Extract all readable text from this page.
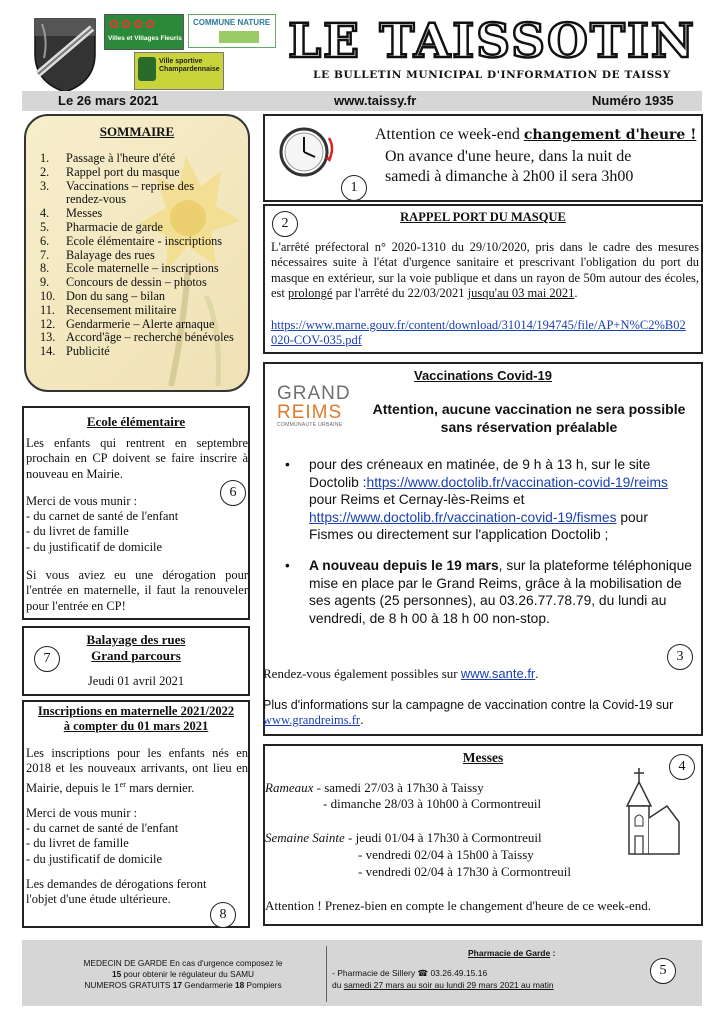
✿✿✿✿
Villes et Villages Fleuris
COMMUNE NATURE
Ville sportive Champardennaise
LE TAISSOTIN
LE BULLETIN MUNICIPAL D'INFORMATION DE TAISSY
Le 26 mars 2021	www.taissy.fr	Numéro 1935
SOMMAIRE
1. Passage à l'heure d'été
2. Rappel port du masque
3. Vaccinations – reprise des rendez-vous
4. Messes
5. Pharmacie de garde
6. Ecole élémentaire - inscriptions
7. Balayage des rues
8. Ecole maternelle – inscriptions
9. Concours de dessin – photos
10. Don du sang – bilan
11. Recensement militaire
12. Gendarmerie – Alerte arnaque
13. Accord'âge – recherche bénévoles
14. Publicité
Attention ce week-end changement d'heure !
On avance d'une heure, dans la nuit de
samedi à dimanche à 2h00 il sera 3h00
1
2	RAPPEL PORT DU MASQUE
L'arrêté préfectoral n° 2020-1310 du 29/10/2020, pris dans le cadre des mesures nécessaires suite à l'état d'urgence sanitaire et prescrivant l'obligation du port du masque en extérieur, sur la voie publique et dans un rayon de 50m autour des écoles, est prolongé par l'arrêté du 22/03/2021 jusqu'au 03 mai 2021.
https://www.marne.gouv.fr/content/download/31014/194745/file/AP+N%C2%B02020-COV-035.pdf
Vaccinations Covid-19
GRAND
REIMS
COMMUNAUTÉ URBAINE
Attention, aucune vaccination ne sera possible sans réservation préalable
• pour des créneaux en matinée, de 9 h à 13 h, sur le site Doctolib :https://www.doctolib.fr/vaccination-covid-19/reims pour Reims et Cernay-lès-Reims et https://www.doctolib.fr/vaccination-covid-19/fismes pour Fismes ou directement sur l'application Doctolib ;
• A nouveau depuis le 19 mars, sur la plateforme téléphonique mise en place par le Grand Reims, grâce à la mobilisation de ses agents (25 personnes), au 03.26.77.78.79, du lundi au vendredi, de 8 h 00 à 18 h 00 non-stop.
3
Rendez-vous également possibles sur www.sante.fr.
Plus d'informations sur la campagne de vaccination contre la Covid-19 sur www.grandreims.fr.
Messes
4
Rameaux - samedi 27/03 à 17h30 à Taissy
- dimanche 28/03 à 10h00 à Cormontreuil
Semaine Sainte - jeudi 01/04 à 17h30 à Cormontreuil
- vendredi 02/04 à 15h00 à Taissy
- vendredi 02/04 à 17h30 à Cormontreuil
Attention ! Prenez-bien en compte le changement d'heure de ce week-end.
Ecole élémentaire
Les enfants qui rentrent en septembre prochain en CP doivent se faire inscrire à nouveau en Mairie.
6
Merci de vous munir :
- du carnet de santé de l'enfant
- du livret de famille
- du justificatif de domicile
Si vous aviez eu une dérogation pour l'entrée en maternelle, il faut la renouveler pour l'entrée en CP!
Balayage des rues
Grand parcours
Jeudi 01 avril 2021
7
Inscriptions en maternelle 2021/2022
à compter du 01 mars 2021
Les inscriptions pour les enfants nés en 2018 et les nouveaux arrivants, ont lieu en Mairie, depuis le 1er mars dernier.
Merci de vous munir :
- du carnet de santé de l'enfant
- du livret de famille
- du justificatif de domicile
Les demandes de dérogations feront l'objet d'une étude ultérieure.
8
MEDECIN DE GARDE En cas d'urgence composez le
15 pour obtenir le régulateur du SAMU
NUMEROS GRATUITS 17 Gendarmerie 18 Pompiers
Pharmacie de Garde :
- Pharmacie de Sillery ☎ 03.26.49.15.16
du samedi 27 mars au soir au lundi 29 mars 2021 au matin
5
